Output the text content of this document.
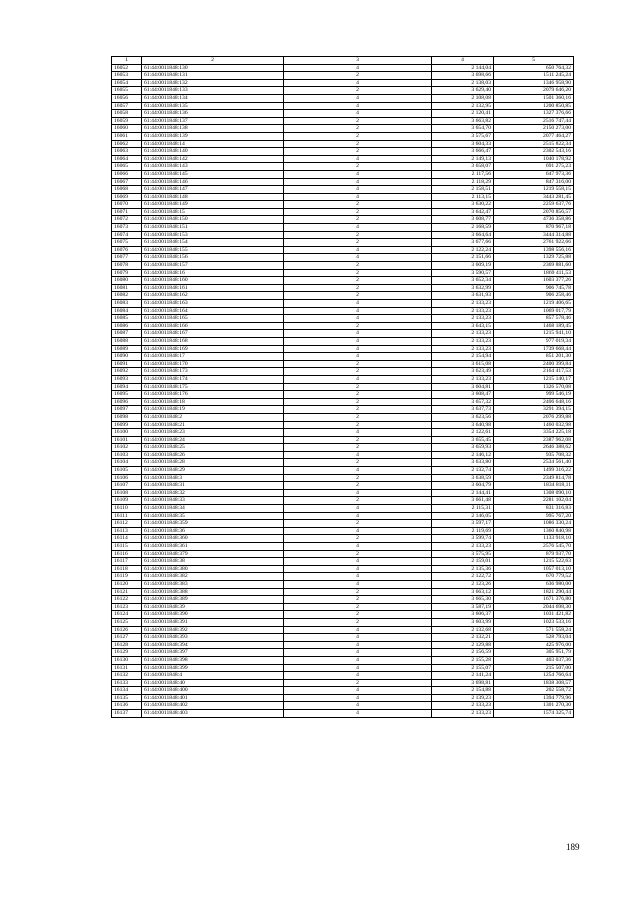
1	2	3	4	5
16052	61:44:0011848:130	4	2 144,04	650 764,32
16053	61:44:0011848:131	2	3 698,66	1511 245,24
16054	61:44:0011848:132	4	2 138,03	1346 958,90
16055	61:44:0011848:133	2	3 629,40	2079 646,20
16056	61:44:0011848:134	4	2 108,08	1501 360,16
16057	61:44:0011848:135	4	2 132,95	1200 850,85
16058	61:44:0011848:136	4	2 120,41	1327 376,66
16059	61:44:0011848:137	2	3 663,82	2516 747,44
16060	61:44:0011848:138	2	3 654,70	2150 273,00
16061	61:44:0011848:139	2	3 575,67	2077 464,27
16062	61:44:0011848:14	2	3 604,33	2515 822,34
16063	61:44:0011848:140	2	3 666,47	2302 543,16
16064	61:44:0011848:142	4	2 149,13	1040 178,92
16065	61:44:0011848:143	2	3 658,07	691 275,23
16066	61:44:0011848:145	4	2 117,56	647 973,36
16067	61:44:0011848:146	4	2 118,29	847 316,00
16068	61:44:0011848:147	4	2 158,51	1219 558,15
16069	61:44:0011848:148	4	2 113,15	3443 281,45
16070	61:44:0011848:149	2	3 630,22	2259 637,76
16071	61:44:0011848:15	2	3 642,47	2070 856,57
16072	61:44:0011848:150	2	3 608,77	4736 358,86
16073	61:44:0011848:151	4	2 168,59	870 967,18
16074	61:44:0011848:153	2	3 664,64	3444 314,88
16075	61:44:0011848:154	2	3 677,66	2761 922,66
16076	61:44:0011848:155	4	2 122,24	1398 556,16
16077	61:44:0011848:156	4	2 151,66	1329 725,88
16078	61:44:0011848:157	2	3 609,19	2369 881,60
16079	61:44:0011848:16	2	3 590,57	1869 411,53
16080	61:44:0011848:160	2	3 652,34	1603 377,26
16081	61:44:0011848:161	2	3 632,99	906 745,78
16082	61:44:0011848:162	2	3 631,93	906 258,46
16083	61:44:0011848:163	4	2 133,23	1219 406,65
16084	61:44:0011848:164	4	2 133,23	1069 017,79
16085	61:44:0011848:165	4	2 133,23	857 578,46
16086	61:44:0011848:166	2	3 643,15	1468 189,45
16087	61:44:0011848:167	4	2 133,23	1215 941,10
16088	61:44:0011848:168	4	2 133,23	977 019,34
16089	61:44:0011848:169	4	2 133,23	1739 668,44
16090	61:44:0011848:17	4	2 154,94	851 201,30
16091	61:44:0011848:170	2	3 615,08	2400 399,84
16092	61:44:0011848:173	2	3 623,49	2164 417,53
16093	61:44:0011848:174	4	2 133,23	1215 140,17
16094	61:44:0011848:175	2	3 604,81	1326 570,08
16095	61:44:0011848:176	2	3 608,47	999 546,19
16096	61:44:0011848:18	2	3 657,32	2406 648,16
16097	61:44:0011848:19	2	3 637,73	3291 394,15
16098	61:44:0011848:2	2	3 623,56	2076 299,88
16099	61:44:0011848:21	2	3 640,98	1460 032,98
16100	61:44:0011848:23	4	2 122,61	3354 225,18
16101	61:44:0011848:24	2	3 655,45	2387 962,08
16102	61:44:0011848:25	2	3 659,93	2646 388,62
16103	61:44:0011848:26	4	2 146,12	935 708,32
16104	61:44:0011848:28	2	3 633,80	2534 561,40
16105	61:44:0011848:29	4	2 132,74	1499 316,22
16106	61:44:0011848:3	2	3 638,59	2349 814,78
16107	61:44:0011848:31	2	3 604,79	1834 818,11
16108	61:44:0011848:32	4	2 144,41	1308 090,10
16109	61:44:0011848:33	2	3 661,48	2281 102,04
16110	61:44:0011848:34	4	2 115,31	831 316,83
16111	61:44:0011848:35	4	2 146,05	995 767,20
16112	61:44:0011848:359	2	3 597,17	1086 330,24
16113	61:44:0011848:36	4	2 119,69	1360 840,98
16114	61:44:0011848:360	2	3 599,74	1133 918,10
16115	61:44:0011848:361	4	2 133,23	2576 545,70
16116	61:44:0011848:379	2	3 575,95	879 937,70
16117	61:44:0011848:38	4	2 159,01	1215 522,63
16118	61:44:0011848:380	4	2 135,36	1057 013,10
16119	61:44:0011848:382	4	2 122,72	670 779,52
16120	61:44:0011848:383	4	2 123,26	636 980,00
16121	61:44:0011848:388	2	3 663,12	1821 290,44
16122	61:44:0011848:389	2	3 665,30	1671 376,80
16123	61:44:0011848:39	2	3 587,19	2044 698,30
16124	61:44:0011848:390	2	3 606,37	1031 421,82
16125	61:44:0011848:391	2	3 603,99	1023 533,16
16126	61:44:0011848:392	4	2 132,68	571 558,24
16127	61:44:0011848:393	4	2 132,21	528 793,04
16128	61:44:0011848:394	4	2 129,88	425 976,00
16129	61:44:0011848:397	4	2 156,59	305 951,79
16130	61:44:0011848:398	4	2 155,28	403 037,36
16131	61:44:0011848:399	4	2 155,07	215 507,00
16132	61:44:0011848:4	4	2 141,24	1254 766,64
16133	61:44:0011848:40	2	3 698,81	1838 308,57
16134	61:44:0011848:400	4	2 154,88	202 558,72
16135	61:44:0011848:401	4	2 139,23	1394 779,96
16136	61:44:0011848:402	4	2 133,23	1301 270,30
16137	61:44:0011848:403	4	2 133,23	1574 325,74
189
